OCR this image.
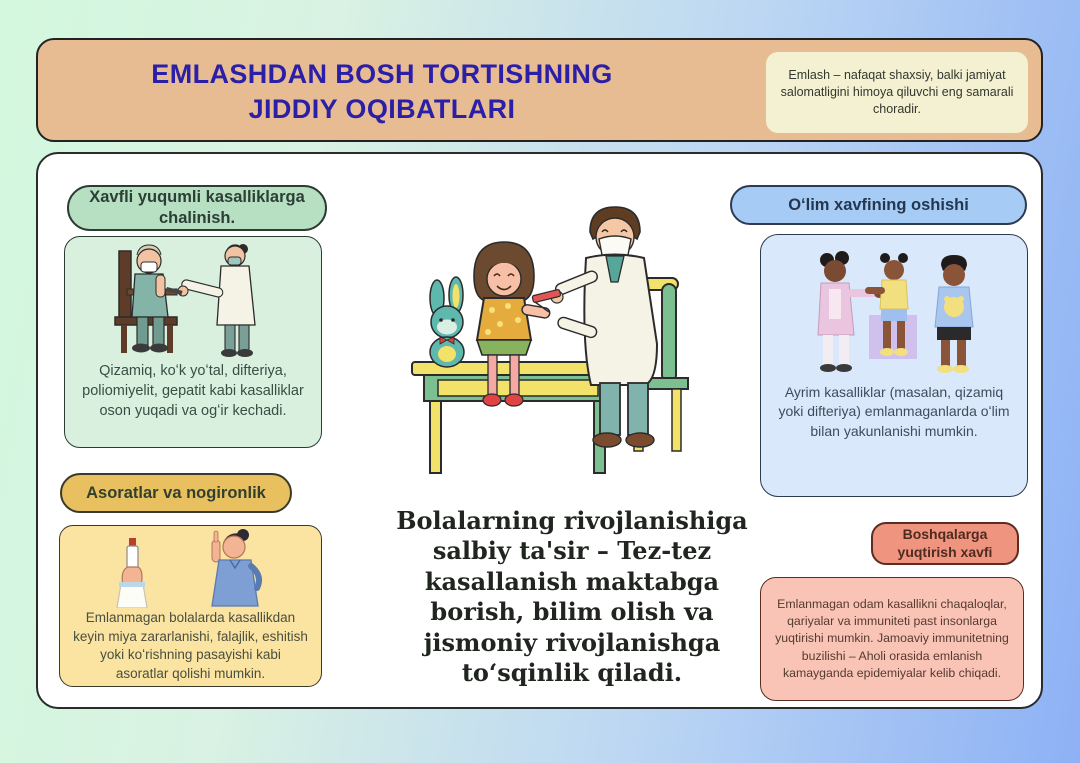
EMLASHDAN BOSH TORTISHNING JIDDIY OQIBATLARI
Emlash – nafaqat shaxsiy, balki jamiyat salomatligini himoya qiluvchi eng samarali choradir.
Xavfli yuqumli kasalliklarga chalinish.
Qizamiq, koʻk yoʻtal, difteriya, poliomiyelit, gepatit kabi kasalliklar oson yuqadi va ogʻir kechadi.
Asoratlar va nogironlik
Emlanmagan bolalarda kasallikdan keyin miya zararlanishi, falajlik, eshitish yoki koʻrishning pasayishi kabi asoratlar qolishi mumkin.
Oʻlim xavfining oshishi
Ayrim kasalliklar (masalan, qizamiq yoki difteriya) emlanmaganlarda oʻlim bilan yakunlanishi mumkin.
Boshqalarga yuqtirish xavfi
Emlanmagan odam kasallikni chaqaloqlar, qariyalar va immuniteti past insonlarga yuqtirishi mumkin. Jamoaviy immunitetning buzilishi – Aholi orasida emlanish kamayganda epidemiyalar kelib chiqadi.
Bolalarning rivojlanishiga salbiy ta'sir – Tez-tez kasallanish maktabga borish, bilim olish va jismoniy rivojlanishga toʻsqinlik qiladi.
